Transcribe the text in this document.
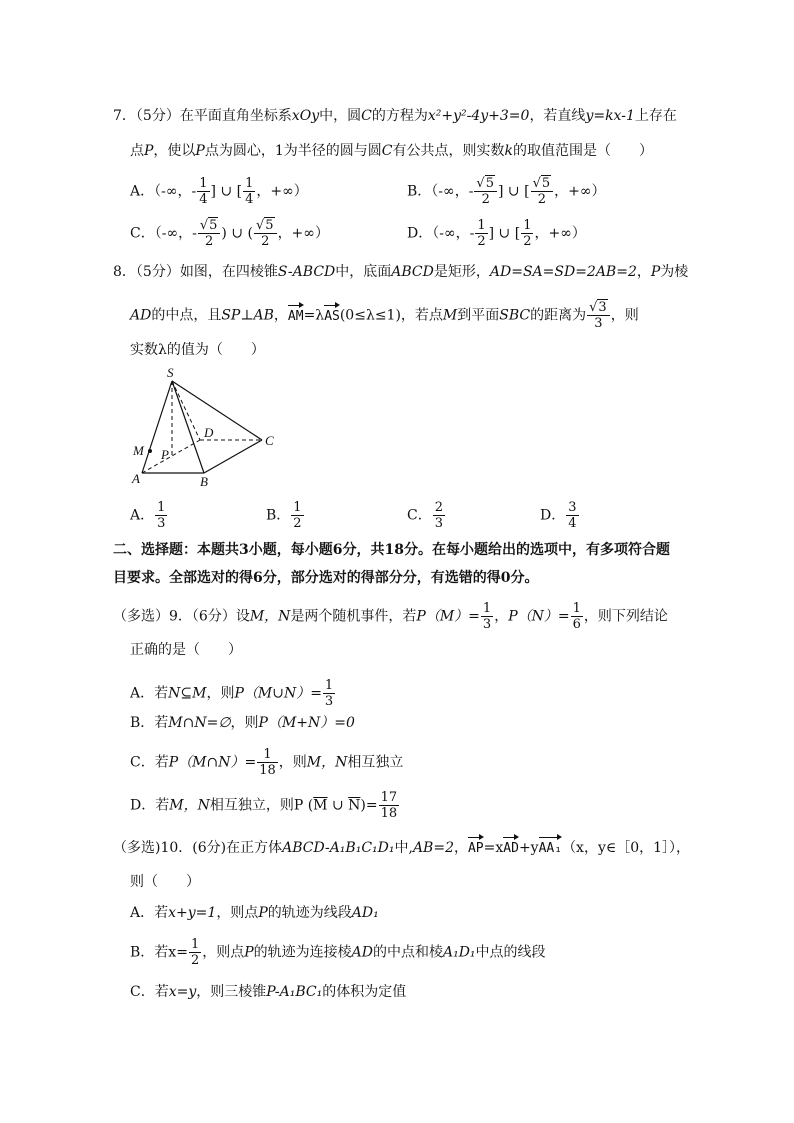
7．（5分）在平面直角坐标系xOy中，圆C的方程为x²+y²-4y+3=0，若直线y=kx-1上存在
点P，使以P点为圆心，1为半径的圆与圆C有公共点，则实数k的取值范围是（　　）
A．（-∞，- $\frac{1}{4}$ ] ∪ [ $\frac{1}{4}$ ，+∞）	B．（-∞，- $\frac{√5}{2}$ ] ∪ [ $\frac{√5}{2}$ ，+∞）
C．（-∞，- $\frac{√5}{2}$ ) ∪ ( $\frac{√5}{2}$ ，+∞）	D．（-∞，- $\frac{1}{2}$ ] ∪ [ $\frac{1}{2}$ ，+∞）
8．（5分）如图，在四棱锥S-ABCD中，底面ABCD是矩形，AD=SA=SD=2AB=2，P为棱
AD的中点，且SP⊥AB，AM=λAS(0≤λ≤1)，若点M到平面SBC的距离为 $\frac{√3}{3}$ ，则
实数λ的值为（　　）
S
D
C
M P
A	B
A． $\frac{1}{3}$	B． $\frac{1}{2}$	C． $\frac{2}{3}$	D． $\frac{3}{4}$
二、选择题：本题共3小题，每小题6分，共18分。在每小题给出的选项中，有多项符合题
目要求。全部选对的得6分，部分选对的得部分分，有选错的得0分。
（多选）9．（6分）设M，N是两个随机事件，若$P(M)= \frac{1}{3}$ ，$P(N)= \frac{1}{6}$ ，则下列结论
正确的是（　　）
A．若N⊆M，则P（M∪N）= $\frac{1}{3}$
B．若M∩N=∅，则P（M+N）=0
C．若P（M∩N）= $\frac{1}{18}$ ，则M，N相互独立
D．若M，N相互独立，则P ($\overline{M}$ ∪ $\overline{N})= \frac{17}{18}$
（多选)10．(6分)在正方体ABCD-A₁B₁C₁D₁中,AB=2，AP=xAD+yAA₁（x，y∈［0，1］），
则（　　）
A．若x+y=1，则点P的轨迹为线段AD₁
B．若$x= \frac{1}{2}$ ，则点P的轨迹为连接棱AD的中点和棱A₁D₁中点的线段
C．若x=y，则三棱锥P-A₁BC₁的体积为定值
